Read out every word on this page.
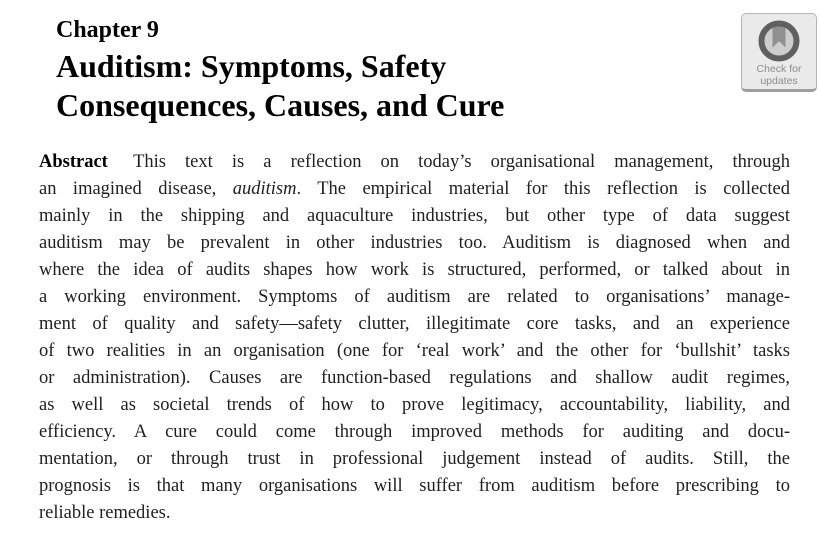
Chapter 9
Auditism: Symptoms, Safety
Consequences, Causes, and Cure
Check for
updates
Abstract This text is a reflection on today’s organisational management, through
an imagined disease, auditism. The empirical material for this reflection is collected
mainly in the shipping and aquaculture industries, but other type of data suggest
auditism may be prevalent in other industries too. Auditism is diagnosed when and
where the idea of audits shapes how work is structured, performed, or talked about in
a working environment. Symptoms of auditism are related to organisations’ manage-
ment of quality and safety—safety clutter, illegitimate core tasks, and an experience
of two realities in an organisation (one for ‘real work’ and the other for ‘bullshit’ tasks
or administration). Causes are function-based regulations and shallow audit regimes,
as well as societal trends of how to prove legitimacy, accountability, liability, and
efficiency. A cure could come through improved methods for auditing and docu-
mentation, or through trust in professional judgement instead of audits. Still, the
prognosis is that many organisations will suffer from auditism before prescribing to
reliable remedies.
